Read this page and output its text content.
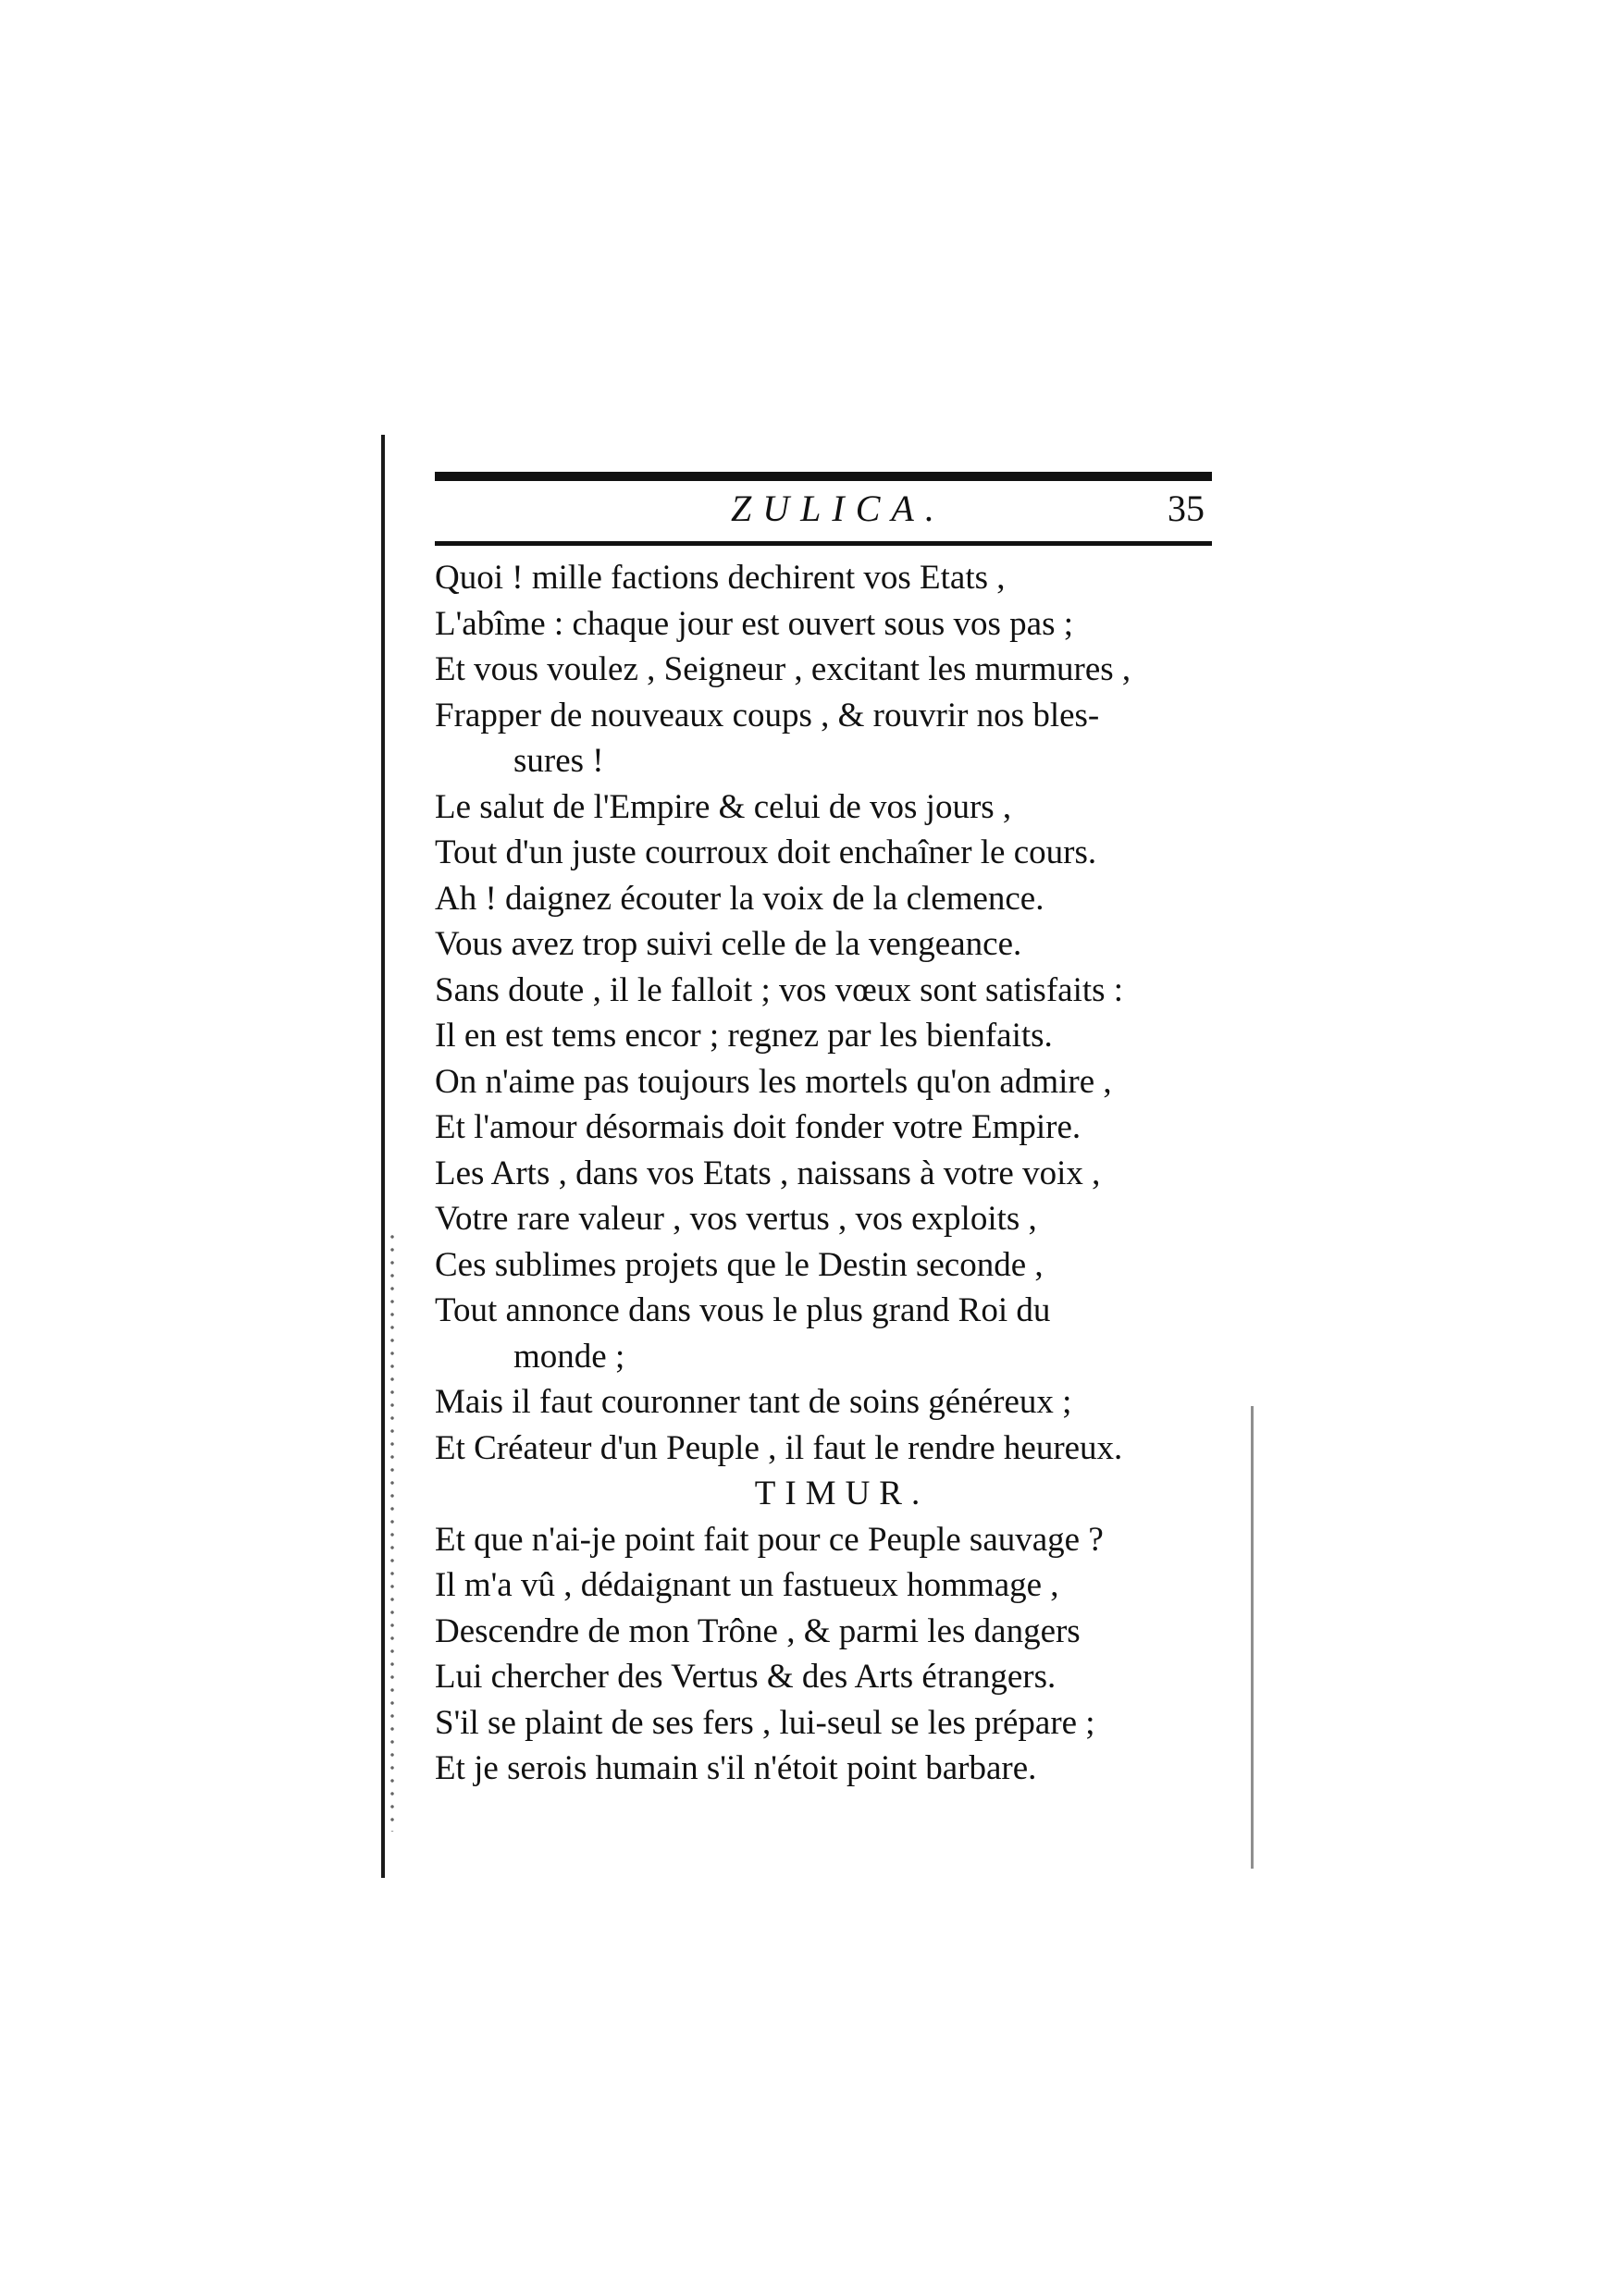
ZULICA.	35
Quoi ! mille factions dechirent vos Etats ,
L'abîme : chaque jour est ouvert sous vos pas ;
Et vous voulez , Seigneur , excitant les murmures ,
Frapper de nouveaux coups , & rouvrir nos bles-
sures !
Le salut de l'Empire & celui de vos jours ,
Tout d'un juste courroux doit enchaîner le cours.
Ah ! daignez écouter la voix de la clemence.
Vous avez trop suivi celle de la vengeance.
Sans doute , il le falloit ; vos vœux sont satisfaits :
Il en est tems encor ; regnez par les bienfaits.
On n'aime pas toujours les mortels qu'on admire ,
Et l'amour désormais doit fonder votre Empire.
Les Arts , dans vos Etats , naissans à votre voix ,
Votre rare valeur , vos vertus , vos exploits ,
Ces sublimes projets que le Destin seconde ,
Tout annonce dans vous le plus grand Roi du
monde ;
Mais il faut couronner tant de soins généreux ;
Et Créateur d'un Peuple , il faut le rendre heureux.
TIMUR.
Et que n'ai-je point fait pour ce Peuple sauvage ?
Il m'a vû , dédaignant un fastueux hommage ,
Descendre de mon Trône , & parmi les dangers
Lui chercher des Vertus & des Arts étrangers.
S'il se plaint de ses fers , lui-seul se les prépare ;
Et je serois humain s'il n'étoit point barbare.
